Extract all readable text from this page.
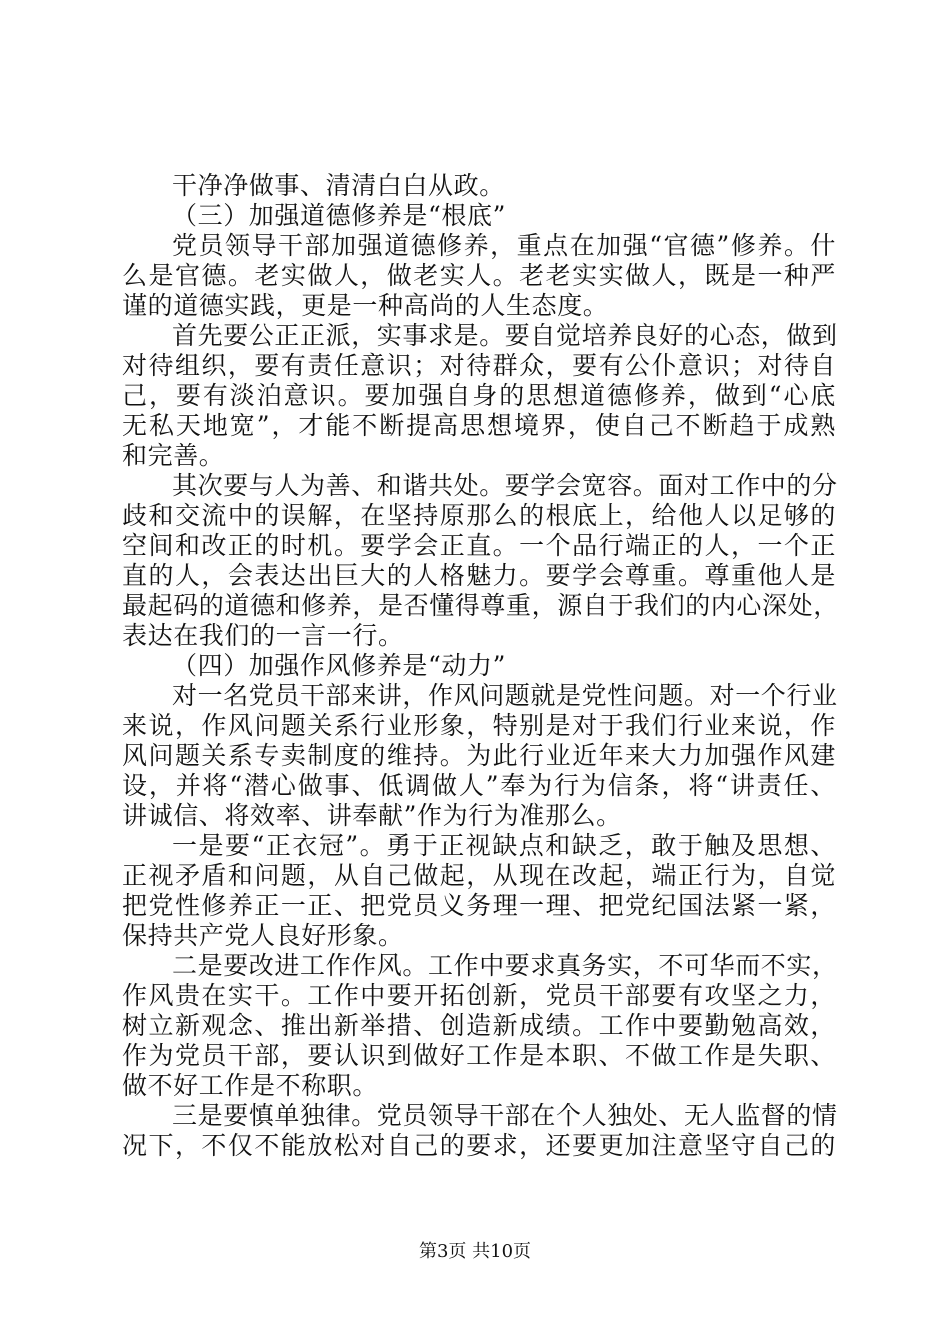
干净净做事、清清白白从政。
（三）加强道德修养是“根底”
党员领导干部加强道德修养，重点在加强“官德”修养。什
么是官德。老实做人，做老实人。老老实实做人，既是一种严
谨的道德实践，更是一种高尚的人生态度。
首先要公正正派，实事求是。要自觉培养良好的心态，做到
对待组织，要有责任意识；对待群众，要有公仆意识；对待自
己，要有淡泊意识。要加强自身的思想道德修养，做到“心底
无私天地宽”，才能不断提高思想境界，使自己不断趋于成熟
和完善。
其次要与人为善、和谐共处。要学会宽容。面对工作中的分
歧和交流中的误解，在坚持原那么的根底上，给他人以足够的
空间和改正的时机。要学会正直。一个品行端正的人，一个正
直的人，会表达出巨大的人格魅力。要学会尊重。尊重他人是
最起码的道德和修养，是否懂得尊重，源自于我们的内心深处，
表达在我们的一言一行。
（四）加强作风修养是“动力”
对一名党员干部来讲，作风问题就是党性问题。对一个行业
来说，作风问题关系行业形象，特别是对于我们行业来说，作
风问题关系专卖制度的维持。为此行业近年来大力加强作风建
设，并将“潜心做事、低调做人”奉为行为信条，将“讲责任、
讲诚信、将效率、讲奉献”作为行为准那么。
一是要“正衣冠”。勇于正视缺点和缺乏，敢于触及思想、
正视矛盾和问题，从自己做起，从现在改起，端正行为，自觉
把党性修养正一正、把党员义务理一理、把党纪国法紧一紧，
保持共产党人良好形象。
二是要改进工作作风。工作中要求真务实，不可华而不实，
作风贵在实干。工作中要开拓创新，党员干部要有攻坚之力，
树立新观念、推出新举措、创造新成绩。工作中要勤勉高效，
作为党员干部，要认识到做好工作是本职、不做工作是失职、
做不好工作是不称职。
三是要慎单独律。党员领导干部在个人独处、无人监督的情
况下，不仅不能放松对自己的要求，还要更加注意坚守自己的
第3页 共10页
